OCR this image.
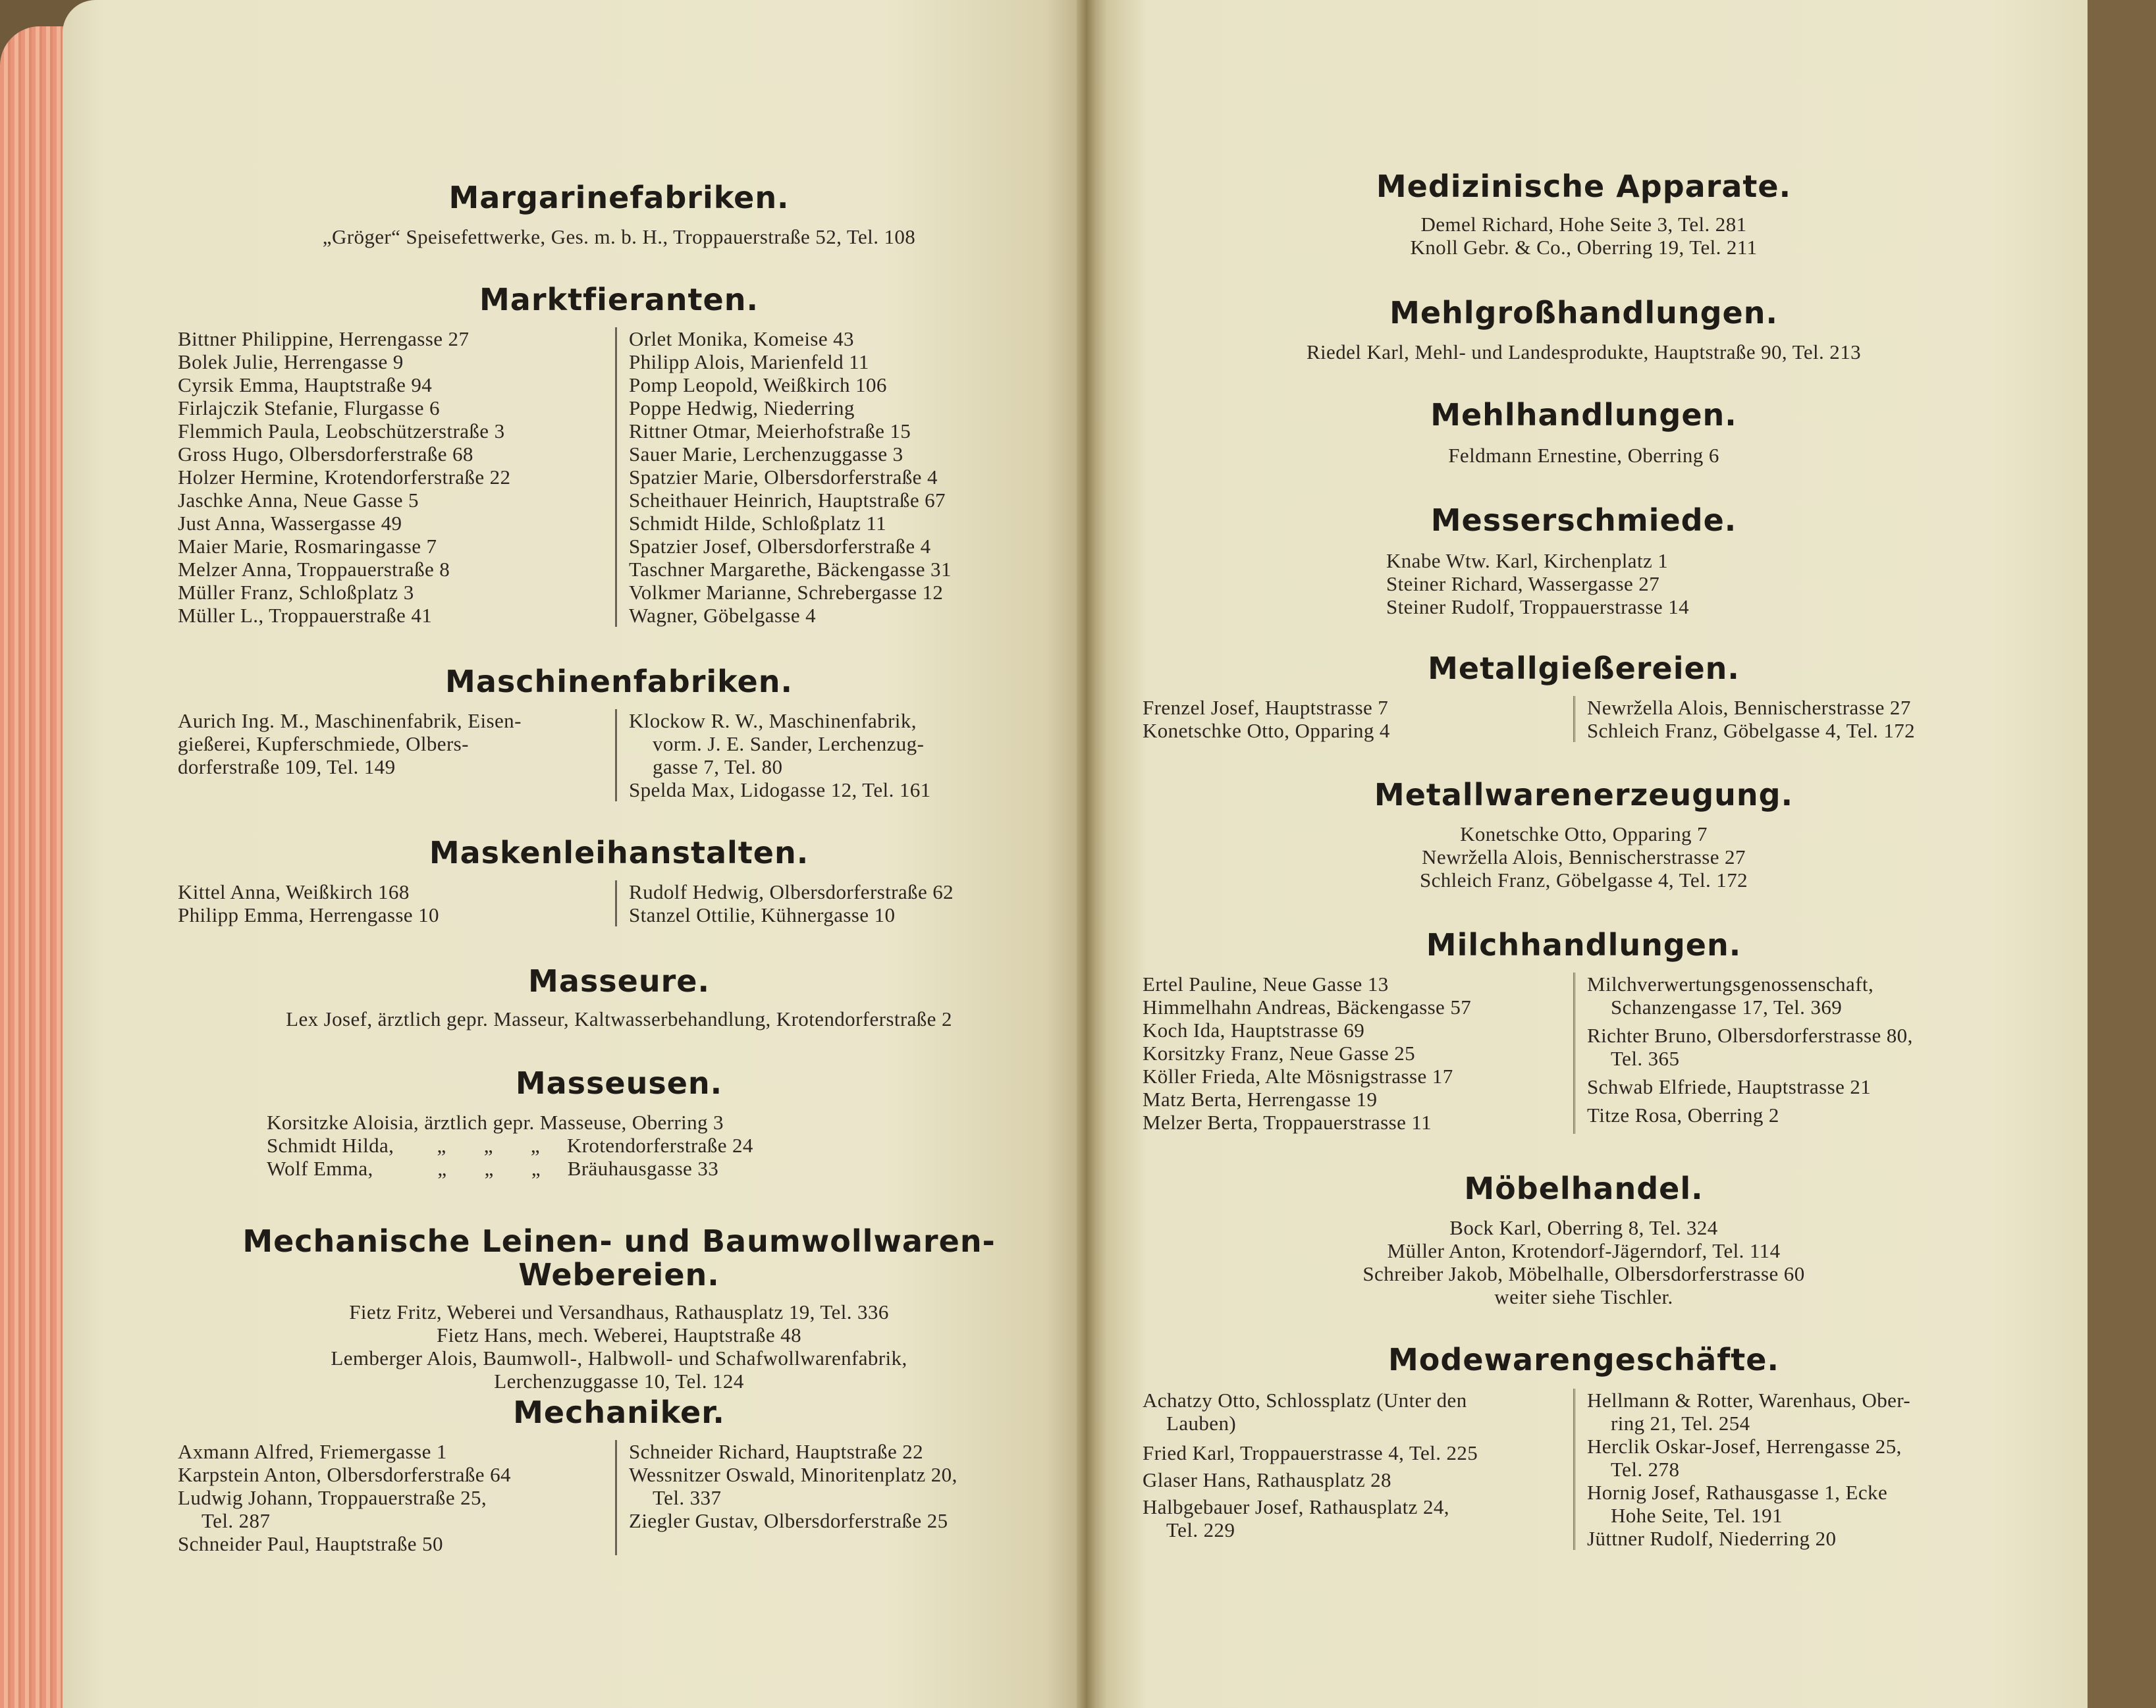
Margarinefabriken.
„Gröger“ Speisefettwerke, Ges. m. b. H., Troppauerstraße 52, Tel. 108
Marktfieranten.
Bittner Philippine, Herrengasse 27
Bolek Julie, Herrengasse 9
Cyrsik Emma, Hauptstraße 94
Firlajczik Stefanie, Flurgasse 6
Flemmich Paula, Leobschützerstraße 3
Gross Hugo, Olbersdorferstraße 68
Holzer Hermine, Krotendorferstraße 22
Jaschke Anna, Neue Gasse 5
Just Anna, Wassergasse 49
Maier Marie, Rosmaringasse 7
Melzer Anna, Troppauerstraße 8
Müller Franz, Schloßplatz 3
Müller L., Troppauerstraße 41
Orlet Monika, Komeise 43
Philipp Alois, Marienfeld 11
Pomp Leopold, Weißkirch 106
Poppe Hedwig, Niederring
Rittner Otmar, Meierhofstraße 15
Sauer Marie, Lerchenzuggasse 3
Spatzier Marie, Olbersdorferstraße 4
Scheithauer Heinrich, Hauptstraße 67
Schmidt Hilde, Schloßplatz 11
Spatzier Josef, Olbersdorferstraße 4
Taschner Margarethe, Bäckengasse 31
Volkmer Marianne, Schrebergasse 12
Wagner, Göbelgasse 4
Maschinenfabriken.
Aurich Ing. M., Maschinenfabrik, Eisen-
gießerei, Kupferschmiede, Olbers-
dorferstraße 109, Tel. 149
Klockow R. W., Maschinenfabrik,
vorm. J. E. Sander, Lerchenzug-
gasse 7, Tel. 80
Spelda Max, Lidogasse 12, Tel. 161
Maskenleihanstalten.
Kittel Anna, Weißkirch 168
Philipp Emma, Herrengasse 10
Rudolf Hedwig, Olbersdorferstraße 62
Stanzel Ottilie, Kühnergasse 10
Masseure.
Lex Josef, ärztlich gepr. Masseur, Kaltwasserbehandlung, Krotendorferstraße 2
Masseusen.
Korsitzke Aloisia, ärztlich gepr. Masseuse, Oberring 3
Schmidt Hilda,        „       „       „     Krotendorferstraße 24
Wolf Emma,            „       „       „     Bräuhausgasse 33
Mechanische Leinen- und Baumwollwaren-Webereien.
Fietz Fritz, Weberei und Versandhaus, Rathausplatz 19, Tel. 336
Fietz Hans, mech. Weberei, Hauptstraße 48
Lemberger Alois, Baumwoll-, Halbwoll- und Schafwollwarenfabrik,
Lerchenzuggasse 10, Tel. 124
Mechaniker.
Axmann Alfred, Friemergasse 1
Karpstein Anton, Olbersdorferstraße 64
Ludwig Johann, Troppauerstraße 25,
Tel. 287
Schneider Paul, Hauptstraße 50
Schneider Richard, Hauptstraße 22
Wessnitzer Oswald, Minoritenplatz 20,
Tel. 337
Ziegler Gustav, Olbersdorferstraße 25
Medizinische Apparate.
Demel Richard, Hohe Seite 3, Tel. 281
Knoll Gebr. & Co., Oberring 19, Tel. 211
Mehlgroßhandlungen.
Riedel Karl, Mehl- und Landesprodukte, Hauptstraße 90, Tel. 213
Mehlhandlungen.
Feldmann Ernestine, Oberring 6
Messerschmiede.
Knabe Wtw. Karl, Kirchenplatz 1
Steiner Richard, Wassergasse 27
Steiner Rudolf, Troppauerstrasse 14
Metallgießereien.
Frenzel Josef, Hauptstrasse 7
Konetschke Otto, Oppаring 4
Newržella Alois, Bennischerstrasse 27
Schleich Franz, Göbelgasse 4, Tel. 172
Metallwarenerzeugung.
Konetschke Otto, Oppаring 7
Newržella Alois, Bennischerstrasse 27
Schleich Franz, Göbelgasse 4, Tel. 172
Milchhandlungen.
Ertel Pauline, Neue Gasse 13
Himmelhahn Andreas, Bäckengasse 57
Koch Ida, Hauptstrasse 69
Korsitzky Franz, Neue Gasse 25
Köller Frieda, Alte Mösnigstrasse 17
Matz Berta, Herrengasse 19
Melzer Berta, Troppauerstrasse 11
Milchverwertungsgenossenschaft,
Schanzengasse 17, Tel. 369
Richter Bruno, Olbersdorferstrasse 80,
Tel. 365
Schwab Elfriede, Hauptstrasse 21
Titze Rosa, Oberring 2
Möbelhandel.
Bock Karl, Oberring 8, Tel. 324
Müller Anton, Krotendorf-Jägerndorf, Tel. 114
Schreiber Jakob, Möbelhalle, Olbersdorferstrasse 60
weiter siehe Tischler.
Modewarengeschäfte.
Achatzy Otto, Schlossplatz (Unter den
Lauben)
Fried Karl, Troppauerstrasse 4, Tel. 225
Glaser Hans, Rathausplatz 28
Halbgebauer Josef, Rathausplatz 24,
Tel. 229
Hellmann & Rotter, Warenhaus, Ober-
ring 21, Tel. 254
Herclik Oskar-Josef, Herrengasse 25,
Tel. 278
Hornig Josef, Rathausgasse 1, Ecke
Hohe Seite, Tel. 191
Jüttner Rudolf, Niederring 20
